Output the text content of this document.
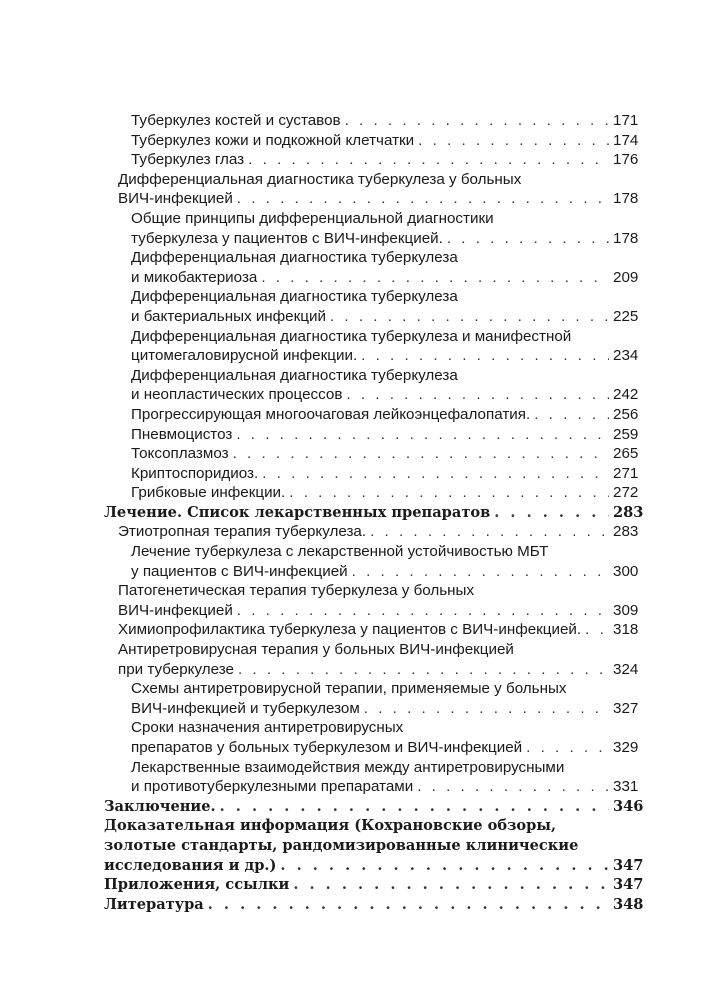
Туберкулез костей и суставов . . .	171
Туберкулез кожи и подкожной клетчатки . . .	174
Туберкулез глаз . . .	176
Дифференциальная диагностика туберкулеза у больных
ВИЧ-инфекцией . . .	178
Общие принципы дифференциальной диагностики
туберкулеза у пациентов с ВИЧ-инфекцией. . . .	178
Дифференциальная диагностика туберкулеза
и микобактериоза . . .	209
Дифференциальная диагностика туберкулеза
и бактериальных инфекций . . .	225
Дифференциальная диагностика туберкулеза и манифестной
цитомегаловирусной инфекции. . . .	234
Дифференциальная диагностика туберкулеза
и неопластических процессов . . .	242
Прогрессирующая многоочаговая лейкоэнцефалопатия. . . .	256
Пневмоцистоз . . .	259
Токсоплазмоз . . .	265
Криптоспоридиоз. . . .	271
Грибковые инфекции. . . .	272
Лечение. Список лекарственных препаратов . . .	283
Этиотропная терапия туберкулеза. . . .	283
Лечение туберкулеза с лекарственной устойчивостью МБТ
у пациентов с ВИЧ-инфекцией . . .	300
Патогенетическая терапия туберкулеза у больных
ВИЧ-инфекцией . . .	309
Химиопрофилактика туберкулеза у пациентов с ВИЧ-инфекцией. . . . 318
Антиретровирусная терапия у больных ВИЧ-инфекцией
при туберкулезе . . .	324
Схемы антиретровирусной терапии, применяемые у больных
ВИЧ-инфекцией и туберкулезом . . .	327
Сроки назначения антиретровирусных
препаратов у больных туберкулезом и ВИЧ-инфекцией . . .	329
Лекарственные взаимодействия между антиретровирусными
и противотуберкулезными препаратами . . .	331
Заключение. . . .	346
Доказательная информация (Кохрановские обзоры,
золотые стандарты, рандомизированные клинические
исследования и др.) . . .	347
Приложения, ссылки . . .	347
Литература . . .	348
